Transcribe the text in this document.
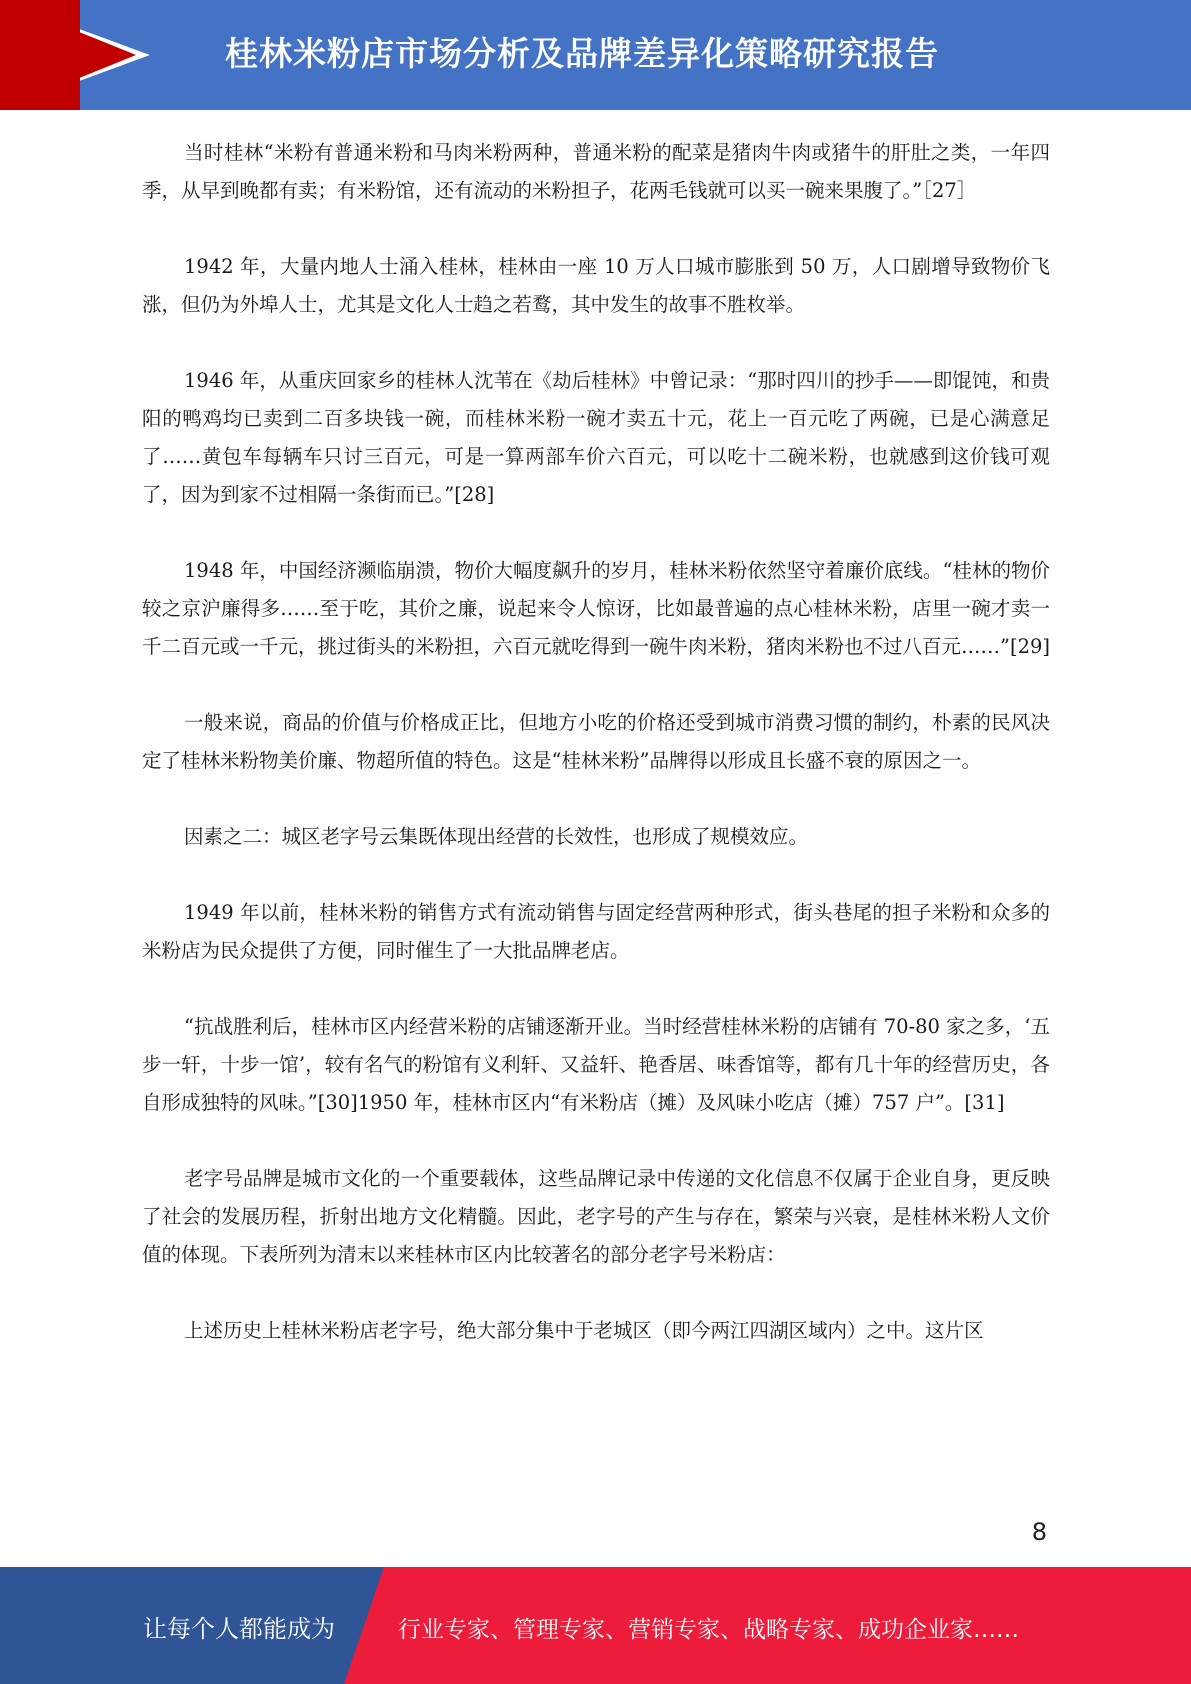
桂林米粉店市场分析及品牌差异化策略研究报告

当时桂林“米粉有普通米粉和马肉米粉两种，普通米粉的配菜是猪肉牛肉或猪牛的肝肚之类，一年四季，从早到晚都有卖；有米粉馆，还有流动的米粉担子，花两毛钱就可以买一碗来果腹了。”［27］

1942 年，大量内地人士涌入桂林，桂林由一座 10 万人口城市膨胀到 50 万，人口剧增导致物价飞涨，但仍为外埠人士，尤其是文化人士趋之若鹜，其中发生的故事不胜枚举。

1946 年，从重庆回家乡的桂林人沈苇在《劫后桂林》中曾记录：“那时四川的抄手——即馄饨，和贵阳的鸭鸡均已卖到二百多块钱一碗，而桂林米粉一碗才卖五十元，花上一百元吃了两碗，已是心满意足了……黄包车每辆车只讨三百元，可是一算两部车价六百元，可以吃十二碗米粉，也就感到这价钱可观了，因为到家不过相隔一条街而已。”[28]

1948 年，中国经济濒临崩溃，物价大幅度飙升的岁月，桂林米粉依然坚守着廉价底线。“桂林的物价较之京沪廉得多……至于吃，其价之廉，说起来令人惊讶，比如最普遍的点心桂林米粉，店里一碗才卖一千二百元或一千元，挑过街头的米粉担，六百元就吃得到一碗牛肉米粉，猪肉米粉也不过八百元……”[29]

一般来说，商品的价值与价格成正比，但地方小吃的价格还受到城市消费习惯的制约，朴素的民风决定了桂林米粉物美价廉、物超所值的特色。这是“桂林米粉”品牌得以形成且长盛不衰的原因之一。

因素之二：城区老字号云集既体现出经营的长效性，也形成了规模效应。

1949 年以前，桂林米粉的销售方式有流动销售与固定经营两种形式，街头巷尾的担子米粉和众多的米粉店为民众提供了方便，同时催生了一大批品牌老店。

“抗战胜利后，桂林市区内经营米粉的店铺逐渐开业。当时经营桂林米粉的店铺有 70-80 家之多，‘五步一轩，十步一馆’，较有名气的粉馆有义利轩、又益轩、艳香居、味香馆等，都有几十年的经营历史，各自形成独特的风味。”[30]1950 年，桂林市区内“有米粉店（摊）及风味小吃店（摊）757 户”。[31]

老字号品牌是城市文化的一个重要载体，这些品牌记录中传递的文化信息不仅属于企业自身，更反映了社会的发展历程，折射出地方文化精髓。因此，老字号的产生与存在，繁荣与兴衰，是桂林米粉人文价值的体现。下表所列为清末以来桂林市区内比较著名的部分老字号米粉店：

上述历史上桂林米粉店老字号，绝大部分集中于老城区（即今两江四湖区域内）之中。这片区

8
让每个人都能成为	行业专家、管理专家、营销专家、战略专家、成功企业家……
